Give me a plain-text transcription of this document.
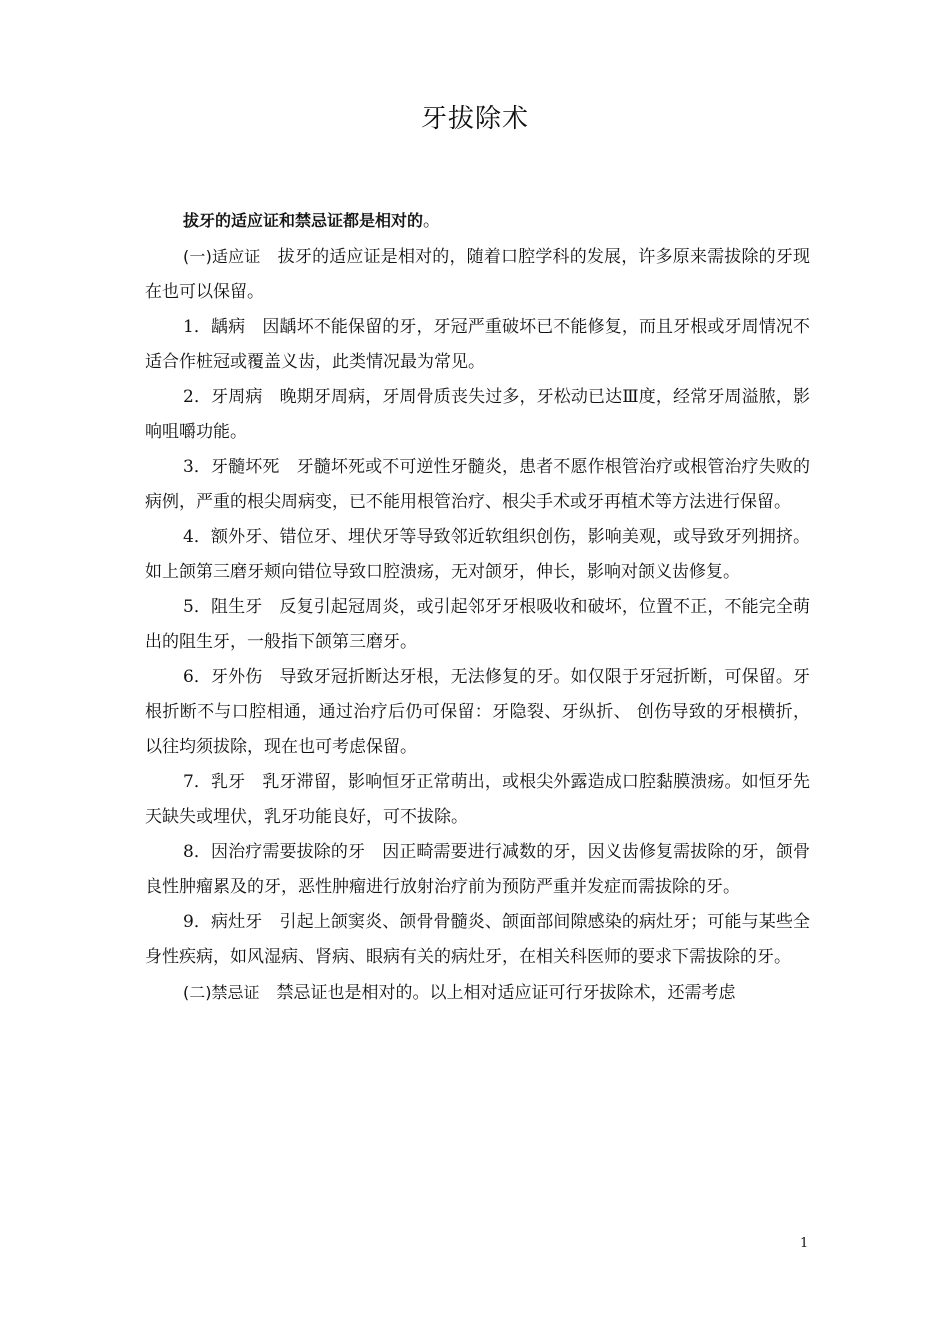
牙拔除术

拔牙的适应证和禁忌证都是相对的。

(一)适应证　拔牙的适应证是相对的，随着口腔学科的发展，许多原来需拔除的牙现在也可以保留。

1．龋病　因龋坏不能保留的牙，牙冠严重破坏已不能修复，而且牙根或牙周情况不适合作桩冠或覆盖义齿，此类情况最为常见。

2．牙周病　晚期牙周病，牙周骨质丧失过多，牙松动已达Ⅲ度，经常牙周溢脓，影响咀嚼功能。

3．牙髓坏死　牙髓坏死或不可逆性牙髓炎，患者不愿作根管治疗或根管治疗失败的病例，严重的根尖周病变，已不能用根管治疗、根尖手术或牙再植术等方法进行保留。

4．额外牙、错位牙、埋伏牙等导致邻近软组织创伤，影响美观，或导致牙列拥挤。如上颌第三磨牙颊向错位导致口腔溃疡，无对颌牙，伸长，影响对颌义齿修复。

5．阻生牙　反复引起冠周炎，或引起邻牙牙根吸收和破坏，位置不正，不能完全萌出的阻生牙，一般指下颌第三磨牙。

6．牙外伤　导致牙冠折断达牙根，无法修复的牙。如仅限于牙冠折断，可保留。牙根折断不与口腔相通，通过治疗后仍可保留：牙隐裂、牙纵折、 创伤导致的牙根横折，以往均须拔除，现在也可考虑保留。

7．乳牙　乳牙滞留，影响恒牙正常萌出，或根尖外露造成口腔黏膜溃疡。如恒牙先天缺失或埋伏，乳牙功能良好，可不拔除。

8．因治疗需要拔除的牙　因正畸需要进行减数的牙，因义齿修复需拔除的牙，颌骨良性肿瘤累及的牙，恶性肿瘤进行放射治疗前为预防严重并发症而需拔除的牙。

9．病灶牙　引起上颌窦炎、颌骨骨髓炎、颌面部间隙感染的病灶牙；可能与某些全身性疾病，如风湿病、肾病、眼病有关的病灶牙，在相关科医师的要求下需拔除的牙。

(二)禁忌证　禁忌证也是相对的。以上相对适应证可行牙拔除术，还需考虑

1
